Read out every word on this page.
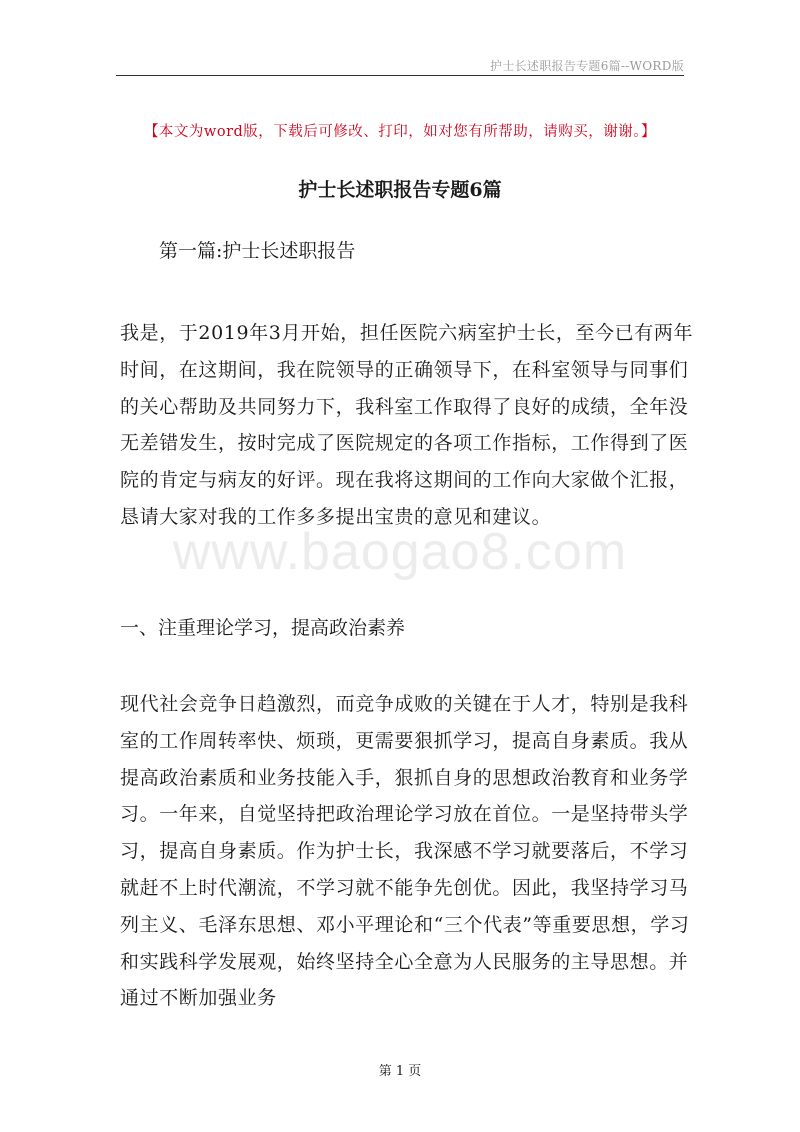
护士长述职报告专题6篇--WORD版
【本文为word版，下载后可修改、打印，如对您有所帮助，请购买，谢谢。】
护士长述职报告专题6篇
第一篇:护士长述职报告

我是，于2019年3月开始，担任医院六病室护士长，至今已有两年时间，在这期间，我在院领导的正确领导下，在科室领导与同事们的关心帮助及共同努力下，我科室工作取得了良好的成绩，全年没无差错发生，按时完成了医院规定的各项工作指标，工作得到了医院的肯定与病友的好评。现在我将这期间的工作向大家做个汇报，恳请大家对我的工作多多提出宝贵的意见和建议。

一、注重理论学习，提高政治素养

现代社会竞争日趋激烈，而竞争成败的关键在于人才，特别是我科室的工作周转率快、烦琐，更需要狠抓学习，提高自身素质。我从提高政治素质和业务技能入手，狠抓自身的思想政治教育和业务学习。一年来，自觉坚持把政治理论学习放在首位。一是坚持带头学习，提高自身素质。作为护士长，我深感不学习就要落后，不学习就赶不上时代潮流，不学习就不能争先创优。因此，我坚持学习马列主义、毛泽东思想、邓小平理论和“三个代表”等重要思想，学习和实践科学发展观，始终坚持全心全意为人民服务的主导思想。并通过不断加强业务

www.baogao8.com
第 1 页
